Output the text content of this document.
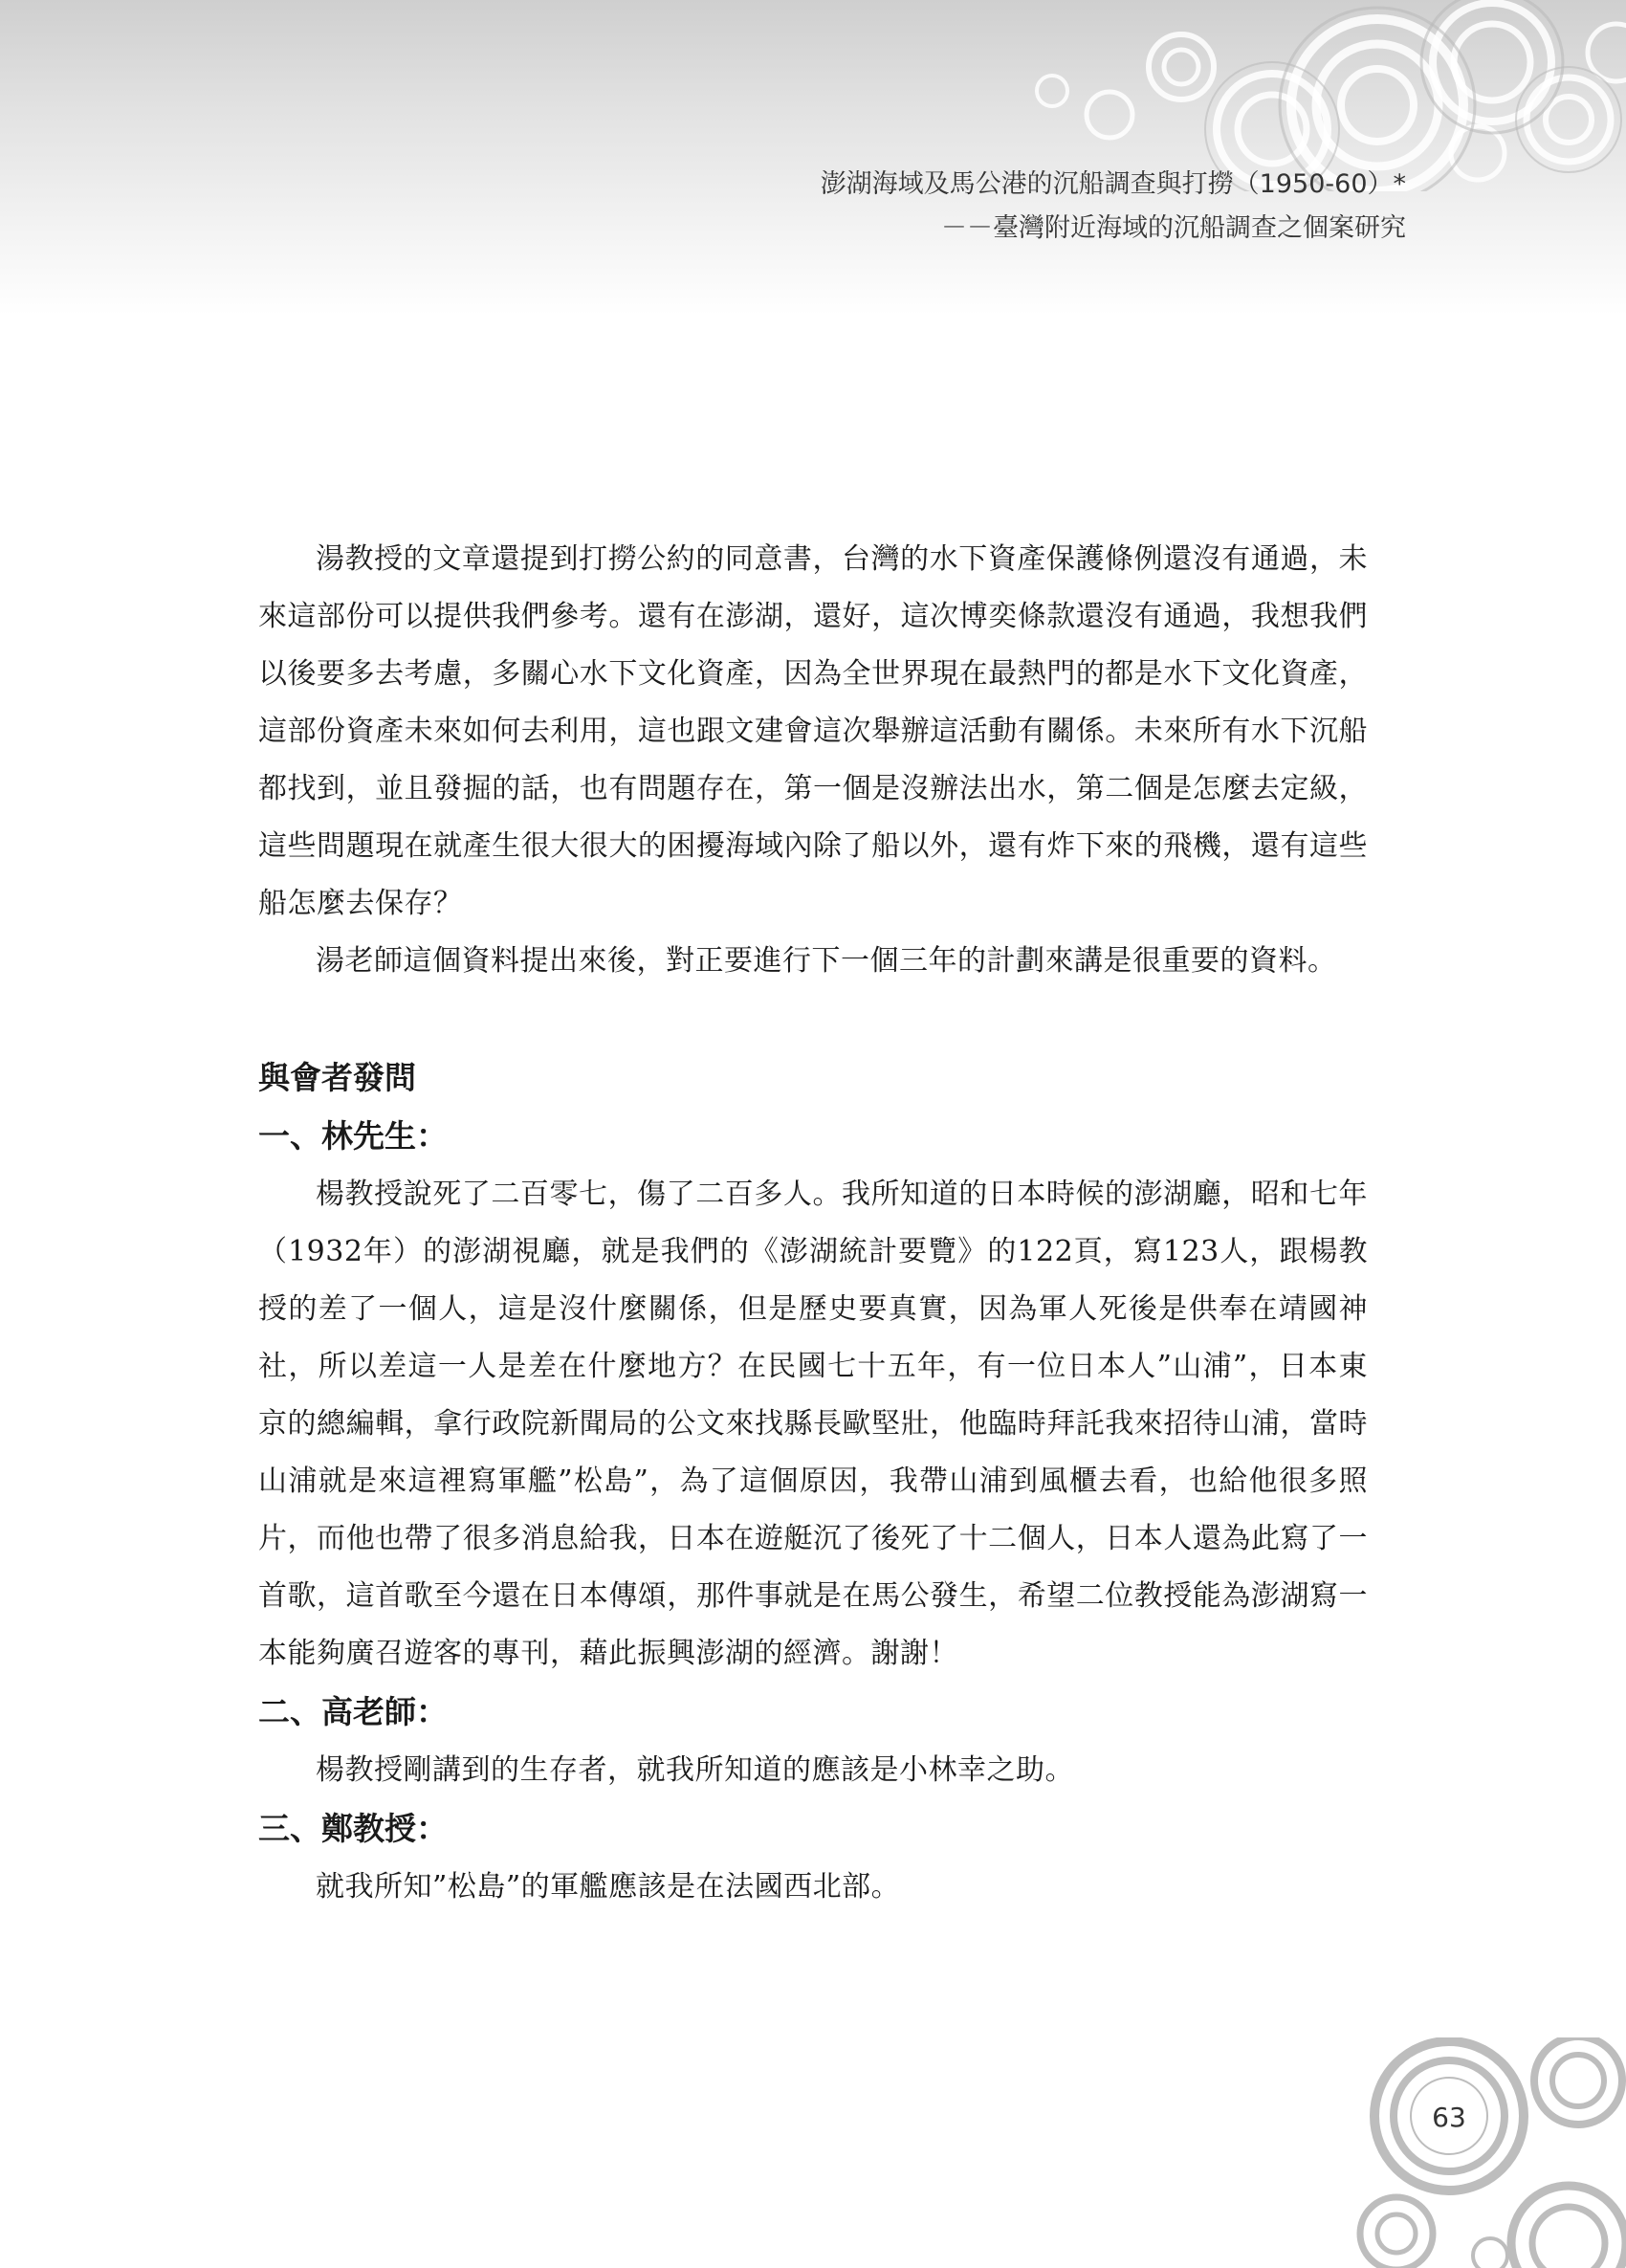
澎湖海域及馬公港的沉船調查與打撈（1950-60）*
－－臺灣附近海域的沉船調查之個案研究

湯教授的文章還提到打撈公約的同意書，台灣的水下資產保護條例還沒有通過，未來這部份可以提供我們參考。還有在澎湖，還好，這次博奕條款還沒有通過，我想我們以後要多去考慮，多關心水下文化資產，因為全世界現在最熱門的都是水下文化資產，這部份資產未來如何去利用，這也跟文建會這次舉辦這活動有關係。未來所有水下沉船都找到，並且發掘的話，也有問題存在，第一個是沒辦法出水，第二個是怎麼去定級，這些問題現在就產生很大很大的困擾海域內除了船以外，還有炸下來的飛機，還有這些船怎麼去保存？

湯老師這個資料提出來後，對正要進行下一個三年的計劃來講是很重要的資料。

與會者發問
一、林先生：

楊教授說死了二百零七，傷了二百多人。我所知道的日本時候的澎湖廳，昭和七年（1932年）的澎湖視廳，就是我們的《澎湖統計要覽》的122頁，寫123人，跟楊教授的差了一個人，這是沒什麼關係，但是歷史要真實，因為軍人死後是供奉在靖國神社，所以差這一人是差在什麼地方？在民國七十五年，有一位日本人”山浦”，日本東京的總編輯，拿行政院新聞局的公文來找縣長歐堅壯，他臨時拜託我來招待山浦，當時山浦就是來這裡寫軍艦”松島”，為了這個原因，我帶山浦到風櫃去看，也給他很多照片，而他也帶了很多消息給我，日本在遊艇沉了後死了十二個人，日本人還為此寫了一首歌，這首歌至今還在日本傳頌，那件事就是在馬公發生，希望二位教授能為澎湖寫一本能夠廣召遊客的專刊，藉此振興澎湖的經濟。謝謝！

二、高老師：

楊教授剛講到的生存者，就我所知道的應該是小林幸之助。

三、鄭教授：

就我所知”松島”的軍艦應該是在法國西北部。

63
